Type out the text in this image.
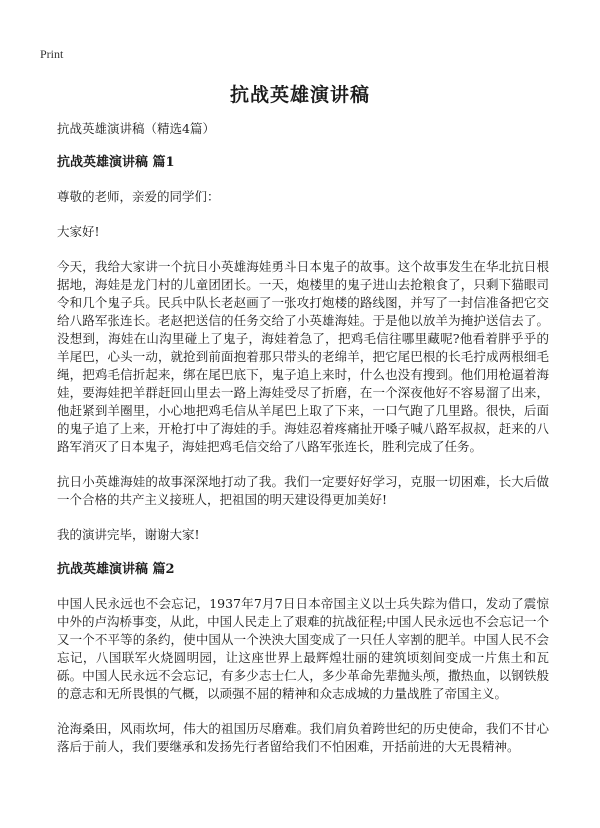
Print
抗战英雄演讲稿

抗战英雄演讲稿（精选4篇）

抗战英雄演讲稿 篇1

尊敬的老师，亲爱的同学们：

大家好!

今天，我给大家讲一个抗日小英雄海娃勇斗日本鬼子的故事。这个故事发生在华北抗日根据地，海娃是龙门村的儿童团团长。一天，炮楼里的鬼子进山去抢粮食了，只剩下猫眼司令和几个鬼子兵。民兵中队长老赵画了一张攻打炮楼的路线图，并写了一封信准备把它交给八路军张连长。老赵把送信的任务交给了小英雄海娃。于是他以放羊为掩护送信去了。没想到，海娃在山沟里碰上了鬼子，海娃着急了，把鸡毛信往哪里藏呢?他看着胖乎乎的羊尾巴，心头一动，就抢到前面抱着那只带头的老绵羊，把它尾巴根的长毛拧成两根细毛绳，把鸡毛信折起来，绑在尾巴底下，鬼子追上来时，什么也没有搜到。他们用枪逼着海娃，要海娃把羊群赶回山里去一路上海娃受尽了折磨，在一个深夜他好不容易溜了出来，他赶紧到羊圈里，小心地把鸡毛信从羊尾巴上取了下来，一口气跑了几里路。很快，后面的鬼子追了上来，开枪打中了海娃的手。海娃忍着疼痛扯开嗓子喊八路军叔叔，赶来的八路军消灭了日本鬼子，海娃把鸡毛信交给了八路军张连长，胜利完成了任务。

抗日小英雄海娃的故事深深地打动了我。我们一定要好好学习，克服一切困难，长大后做一个合格的共产主义接班人，把祖国的明天建设得更加美好!

我的演讲完毕，谢谢大家!

抗战英雄演讲稿 篇2

中国人民永远也不会忘记，1937年7月7日日本帝国主义以士兵失踪为借口，发动了震惊中外的卢沟桥事变，从此，中国人民走上了艰难的抗战征程;中国人民永远也不会忘记一个又一个不平等的条约，使中国从一个泱泱大国变成了一只任人宰割的肥羊。中国人民不会忘记，八国联军火烧圆明园，让这座世界上最辉煌壮丽的建筑顷刻间变成一片焦土和瓦砾。中国人民永远不会忘记，有多少志士仁人，多少革命先辈抛头颅，撒热血，以钢铁般的意志和无所畏惧的气概，以顽强不屈的精神和众志成城的力量战胜了帝国主义。

沧海桑田，风雨坎坷，伟大的祖国历尽磨难。我们肩负着跨世纪的历史使命，我们不甘心落后于前人，我们要继承和发扬先行者留给我们不怕困难，开括前进的大无畏精神。
